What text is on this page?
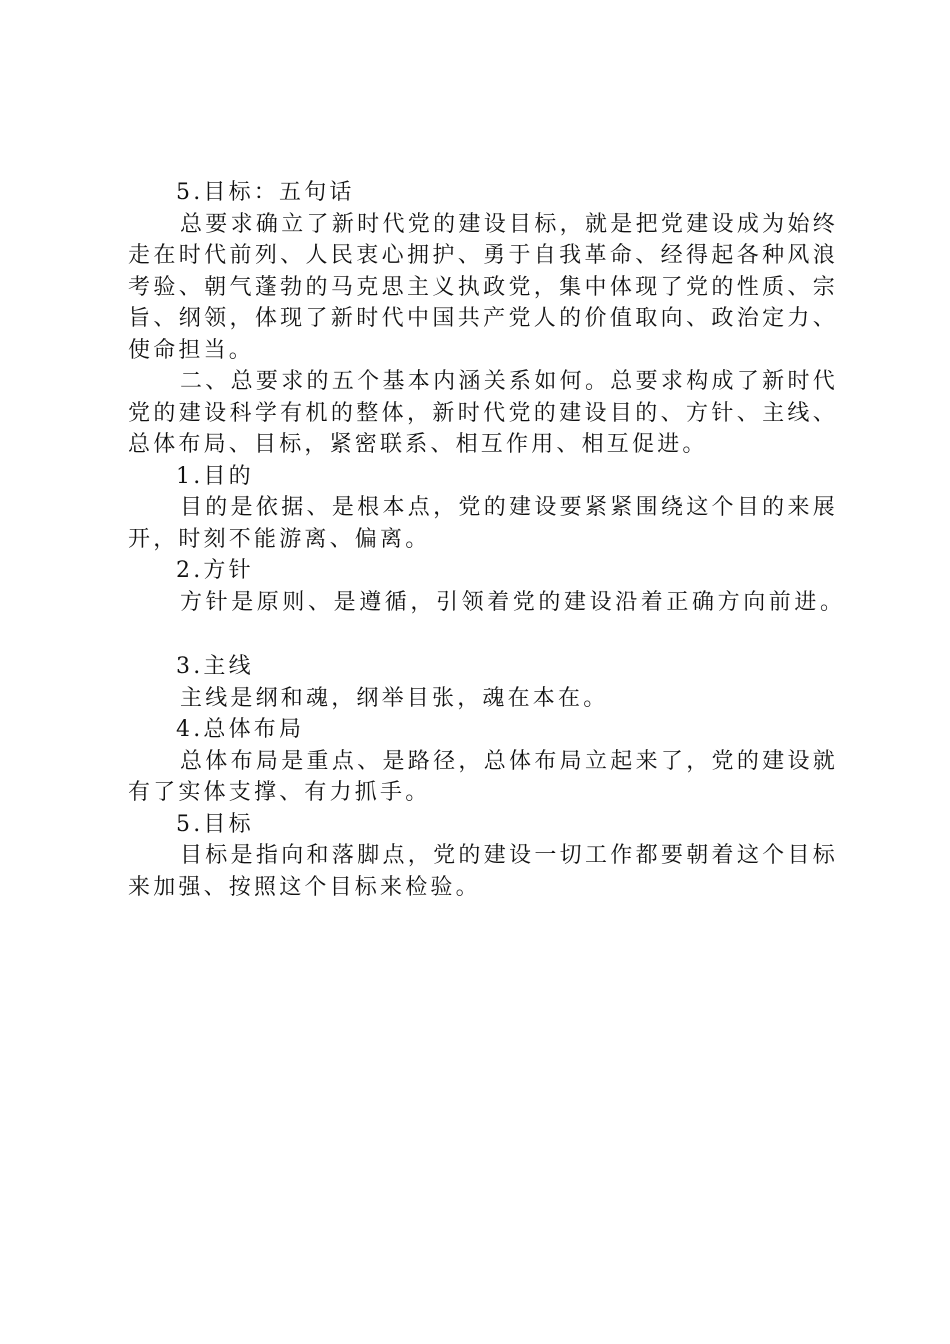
5.目标：五句话

总要求确立了新时代党的建设目标，就是把党建设成为始终走在时代前列、人民衷心拥护、勇于自我革命、经得起各种风浪考验、朝气蓬勃的马克思主义执政党，集中体现了党的性质、宗旨、纲领，体现了新时代中国共产党人的价值取向、政治定力、使命担当。

二、总要求的五个基本内涵关系如何。总要求构成了新时代党的建设科学有机的整体，新时代党的建设目的、方针、主线、总体布局、目标，紧密联系、相互作用、相互促进。

1.目的

目的是依据、是根本点，党的建设要紧紧围绕这个目的来展开，时刻不能游离、偏离。

2.方针

方针是原则、是遵循，引领着党的建设沿着正确方向前进。

3.主线

主线是纲和魂，纲举目张，魂在本在。

4.总体布局

总体布局是重点、是路径，总体布局立起来了，党的建设就有了实体支撑、有力抓手。

5.目标

目标是指向和落脚点，党的建设一切工作都要朝着这个目标来加强、按照这个目标来检验。
